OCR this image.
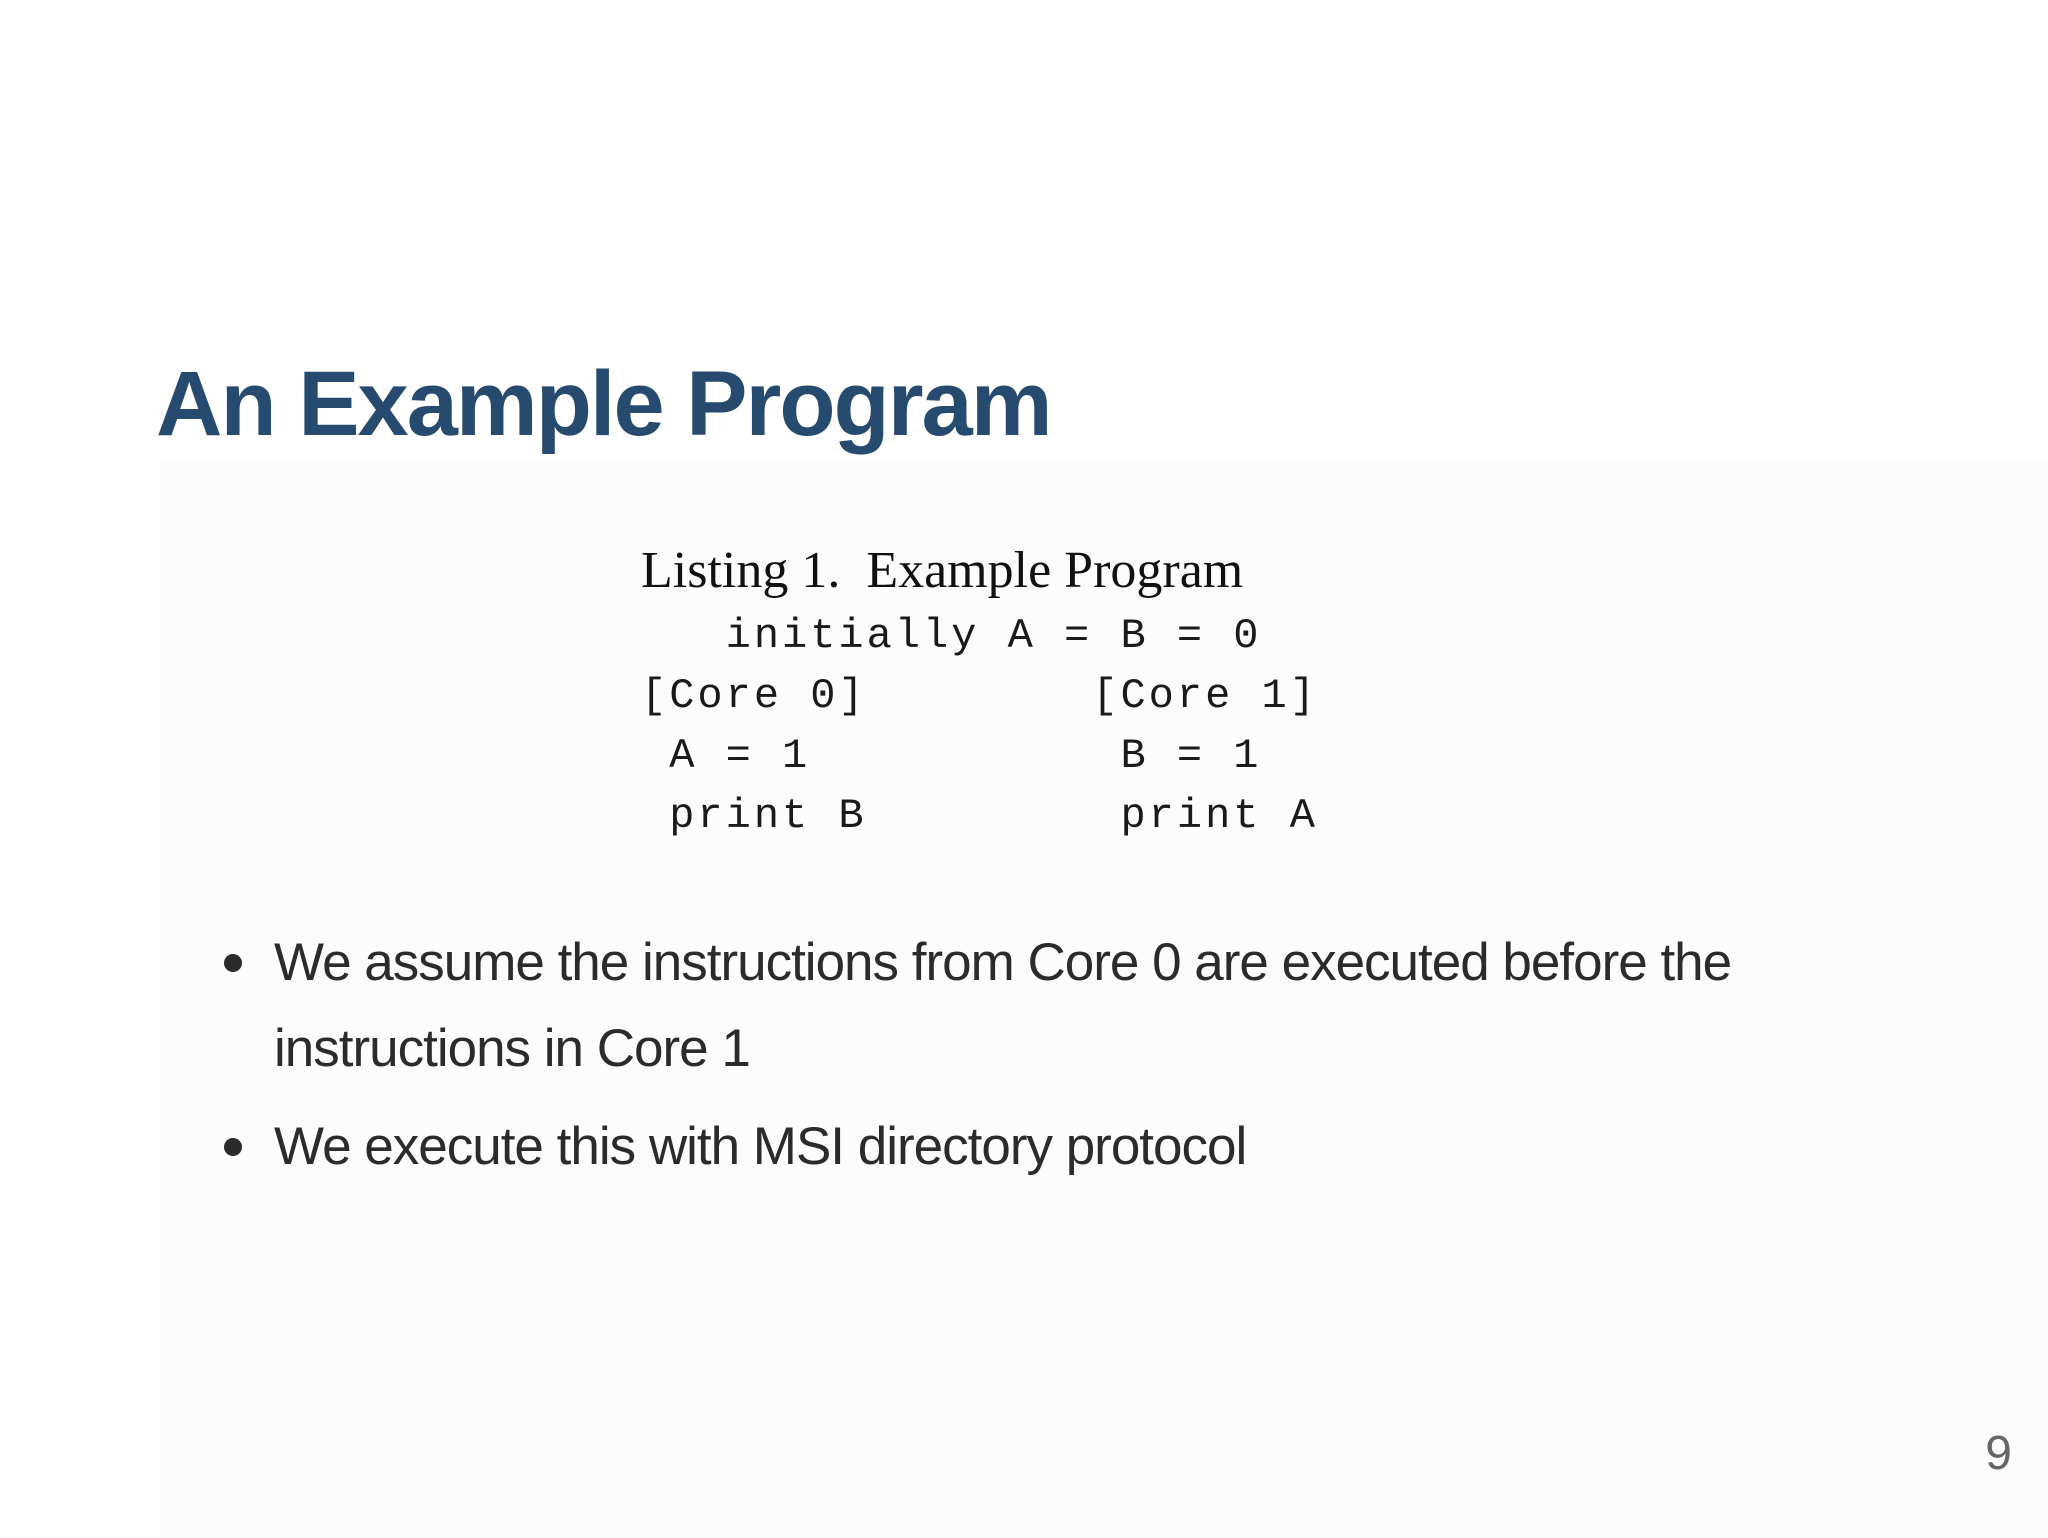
An Example Program

Listing 1.  Example Program

initially A = B = 0
[Core 0]        [Core 1]
A = 1           B = 1
print B         print A
We assume the instructions from Core 0 are executed before the instructions in Core 1
We execute this with MSI directory protocol
9
